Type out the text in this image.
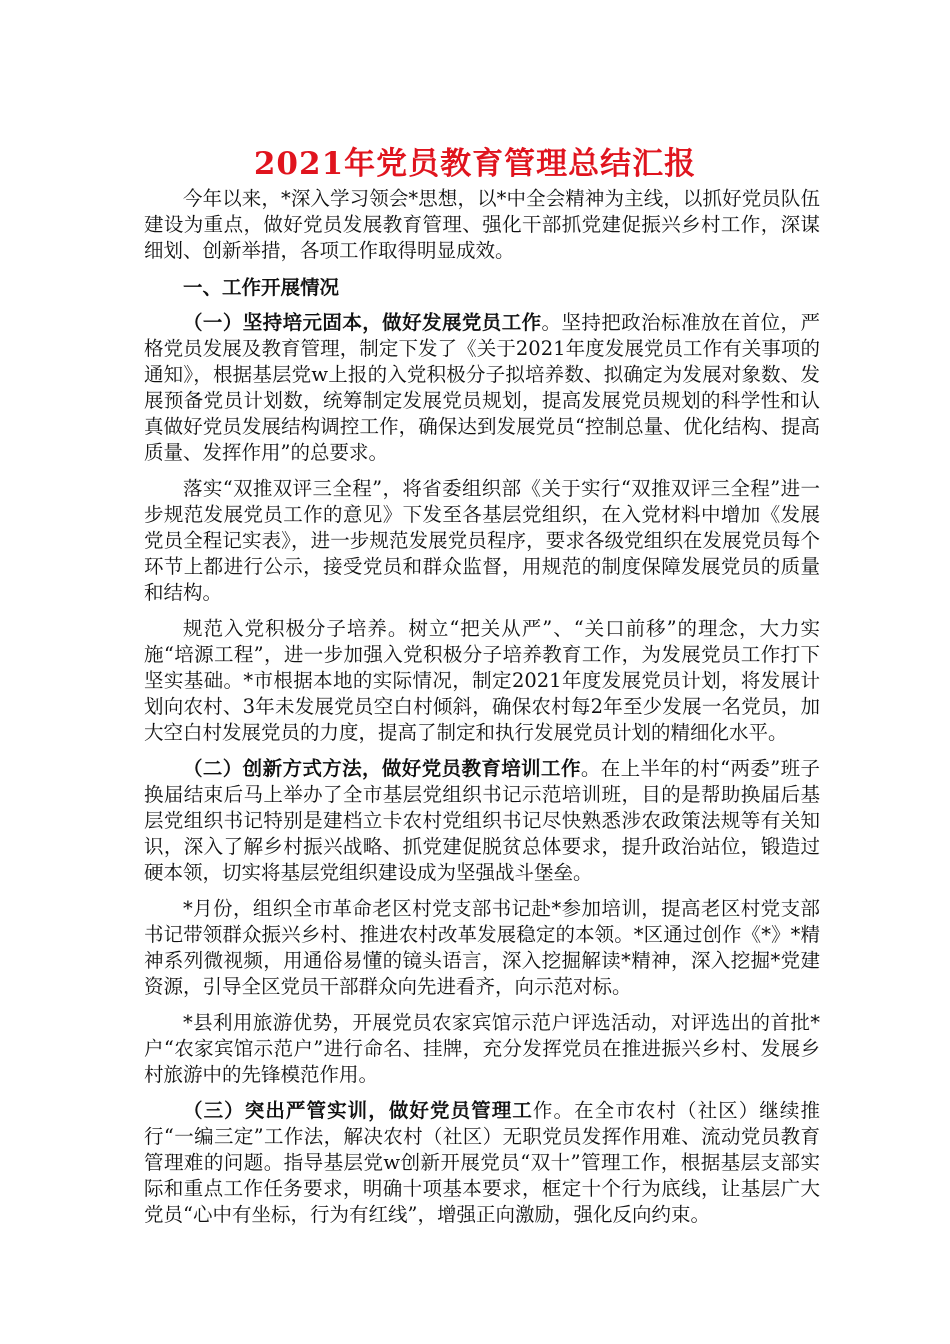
2021年党员教育管理总结汇报

今年以来，*深入学习领会*思想，以*中全会精神为主线，以抓好党员队伍建设为重点，做好党员发展教育管理、强化干部抓党建促振兴乡村工作，深谋细划、创新举措，各项工作取得明显成效。

一、工作开展情况

（一）坚持培元固本，做好发展党员工作。坚持把政治标准放在首位，严格党员发展及教育管理，制定下发了《关于2021年度发展党员工作有关事项的通知》，根据基层党w上报的入党积极分子拟培养数、拟确定为发展对象数、发展预备党员计划数，统筹制定发展党员规划，提高发展党员规划的科学性和认真做好党员发展结构调控工作，确保达到发展党员“控制总量、优化结构、提高质量、发挥作用”的总要求。

落实“双推双评三全程”，将省委组织部《关于实行“双推双评三全程”进一步规范发展党员工作的意见》下发至各基层党组织，在入党材料中增加《发展党员全程记实表》，进一步规范发展党员程序，要求各级党组织在发展党员每个环节上都进行公示，接受党员和群众监督，用规范的制度保障发展党员的质量和结构。

规范入党积极分子培养。树立“把关从严”、“关口前移”的理念，大力实施“培源工程”，进一步加强入党积极分子培养教育工作，为发展党员工作打下坚实基础。*市根据本地的实际情况，制定2021年度发展党员计划，将发展计划向农村、3年未发展党员空白村倾斜，确保农村每2年至少发展一名党员，加大空白村发展党员的力度，提高了制定和执行发展党员计划的精细化水平。

（二）创新方式方法，做好党员教育培训工作。在上半年的村“两委”班子换届结束后马上举办了全市基层党组织书记示范培训班，目的是帮助换届后基层党组织书记特别是建档立卡农村党组织书记尽快熟悉涉农政策法规等有关知识，深入了解乡村振兴战略、抓党建促脱贫总体要求，提升政治站位，锻造过硬本领，切实将基层党组织建设成为坚强战斗堡垒。

*月份，组织全市革命老区村党支部书记赴*参加培训，提高老区村党支部书记带领群众振兴乡村、推进农村改革发展稳定的本领。*区通过创作《*》*精神系列微视频，用通俗易懂的镜头语言，深入挖掘解读*精神，深入挖掘*党建资源，引导全区党员干部群众向先进看齐，向示范对标。

*县利用旅游优势，开展党员农家宾馆示范户评选活动，对评选出的首批*户“农家宾馆示范户”进行命名、挂牌，充分发挥党员在推进振兴乡村、发展乡村旅游中的先锋模范作用。

（三）突出严管实训，做好党员管理工作。在全市农村（社区）继续推行“一编三定”工作法，解决农村（社区）无职党员发挥作用难、流动党员教育管理难的问题。指导基层党w创新开展党员“双十”管理工作，根据基层支部实际和重点工作任务要求，明确十项基本要求，框定十个行为底线，让基层广大党员“心中有坐标，行为有红线”，增强正向激励，强化反向约束。
